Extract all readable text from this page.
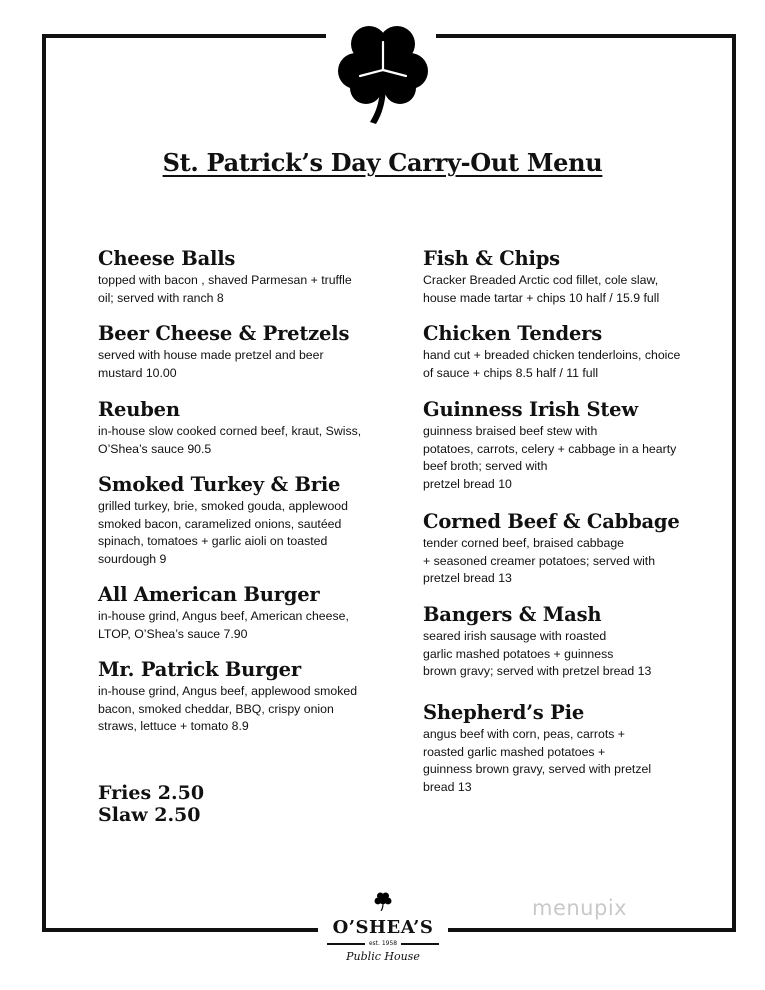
St. Patrick’s Day Carry-Out Menu
Cheese Balls
topped with bacon , shaved Parmesan + truffle
oil; served with ranch 8
Beer Cheese & Pretzels
served with house made pretzel and beer
mustard 10.00
Reuben
in-house slow cooked corned beef, kraut, Swiss,
O’Shea’s sauce 90.5
Smoked Turkey & Brie
grilled turkey, brie, smoked gouda, applewood
smoked bacon, caramelized onions, sautéed
spinach, tomatoes + garlic aioli on toasted
sourdough 9
All American Burger
in-house grind, Angus beef, American cheese,
LTOP, O’Shea’s sauce 7.90
Mr. Patrick Burger
in-house grind, Angus beef, applewood smoked
bacon, smoked cheddar, BBQ, crispy onion
straws, lettuce + tomato 8.9
Fish & Chips
Cracker Breaded Arctic cod fillet, cole slaw,
house made tartar + chips 10 half / 15.9 full
Chicken Tenders
hand cut + breaded chicken tenderloins, choice
of sauce + chips 8.5 half / 11 full
Guinness Irish Stew
guinness braised beef stew with
potatoes, carrots, celery + cabbage in a hearty
beef broth; served with
pretzel bread 10
Corned Beef & Cabbage
tender corned beef, braised cabbage
+ seasoned creamer potatoes; served with
pretzel bread 13
Bangers & Mash
seared irish sausage with roasted
garlic mashed potatoes + guinness
brown gravy; served with pretzel bread 13
Shepherd’s Pie
angus beef with corn, peas, carrots +
roasted garlic mashed potatoes +
guinness brown gravy, served with pretzel
bread 13
Fries 2.50
Slaw 2.50
O’SHEA’S
est. 1958
Public House
menupix
